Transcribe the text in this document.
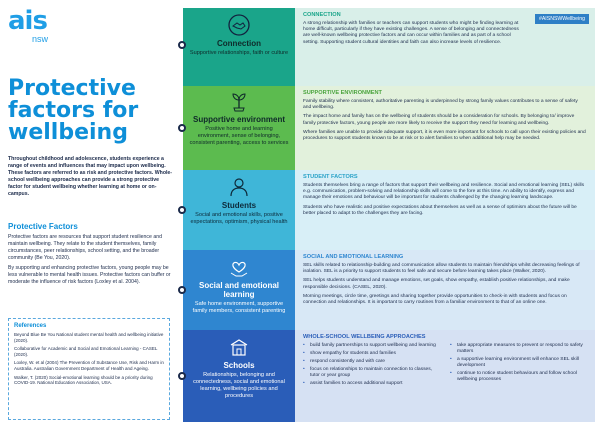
ais
nsw
Protective factors for wellbeing

Throughout childhood and adolescence, students experience a range of events and influences that may impact upon wellbeing. These factors are referred to as risk and protective factors. Whole-school wellbeing approaches can provide a strong protective factor for student wellbeing whether learning at home or on-campus.

Protective Factors

Protective factors are resources that support student resilience and maintain wellbeing. They relate to the student themselves, family circumstances, peer relationships, school setting, and the broader community (Be You, 2020).

By supporting and enhancing protective factors, young people may be less vulnerable to mental health issues. Protective factors can buffer or moderate the influence of risk factors (Loxley et al. 2004).

References

Beyond Blue Be You National student mental health and wellbeing initiative (2020).

Collaborative for Academic and Social and Emotional Learning - CASEL (2020).

Loxley, W. et al (2004) The Prevention of Substance Use, Risk and Harm in Australia. Australian Government Department of Health and Ageing.

Walker, T. (2020) Social-emotional learning should be a priority during COVID-19. National Education Association, USA.

Connection
Supportive relationships, faith or culture
Supportive environment
Positive home and learning environment, sense of belonging, consistent parenting, access to services
Students
Social and emotional skills, positive expectations, optimism, physical health
Social and emotional learning
Safe home environment, supportive family members, consistent parenting
Schools
Relationships, belonging and connectedness, social and emotional learning, wellbeing policies and procedures
#AISNSWWellbeing
CONNECTION

A strong relationship with families or teachers can support students who might be finding learning at home difficult, particularly if they have existing challenges. A sense of belonging and connectedness are well-known wellbeing protective factors and can occur within families and as part of a school setting. Supporting student cultural identities and faith can also increase levels of resilience.

SUPPORTIVE ENVIRONMENT

Family stability where consistent, authoritative parenting is underpinned by strong family values contributes to a sense of safety and wellbeing.

The impact home and family has on the wellbeing of students should be a consideration for schools. By belonging to/ improve family protective factors, young people are more likely to receive the support they need for learning and wellbeing.

Where families are unable to provide adequate support, it is even more important for schools to call upon their existing policies and procedures to support students known to be at risk or to alert families to when additional help may be needed.

STUDENT FACTORS

Students themselves bring a range of factors that support their wellbeing and resilience. Social and emotional learning (SEL) skills e.g. communication, problem-solving and relationship skills will come to the fore at this time. An ability to identify, express and manage their emotions and behaviour will be important for students challenged by the changing learning landscape.

Students who have realistic and positive expectations about themselves as well as a sense of optimism about the future will be better placed to adapt to the challenges they are facing.

SOCIAL AND EMOTIONAL LEARNING

SEL skills related to relationship-building and communication allow students to maintain friendships whilst decreasing feelings of isolation. SEL is a priority to support students to feel safe and secure before learning takes place (Walker, 2020).

SEL helps students understand and manage emotions, set goals, show empathy, establish positive relationships, and make responsible decisions. (CASEL, 2020).

Morning meetings, circle time, greetings and sharing together provide opportunities to check-in with students and focus on connection and relationships. It is important to carry routines from a familiar environment to that of an online one.

WHOLE-SCHOOL WELLBEING APPROACHES
• build family partnerships to support wellbeing and learning
• show empathy for students and families
• respond consistently and with care
• focus on relationships to maintain connection to classes, tutor or year group
• assist families to access additional support
• take appropriate measures to prevent or respond to safety matters
• a supportive learning environment will enhance SEL skill development
• continue to notice student behaviours and follow school wellbeing processes
